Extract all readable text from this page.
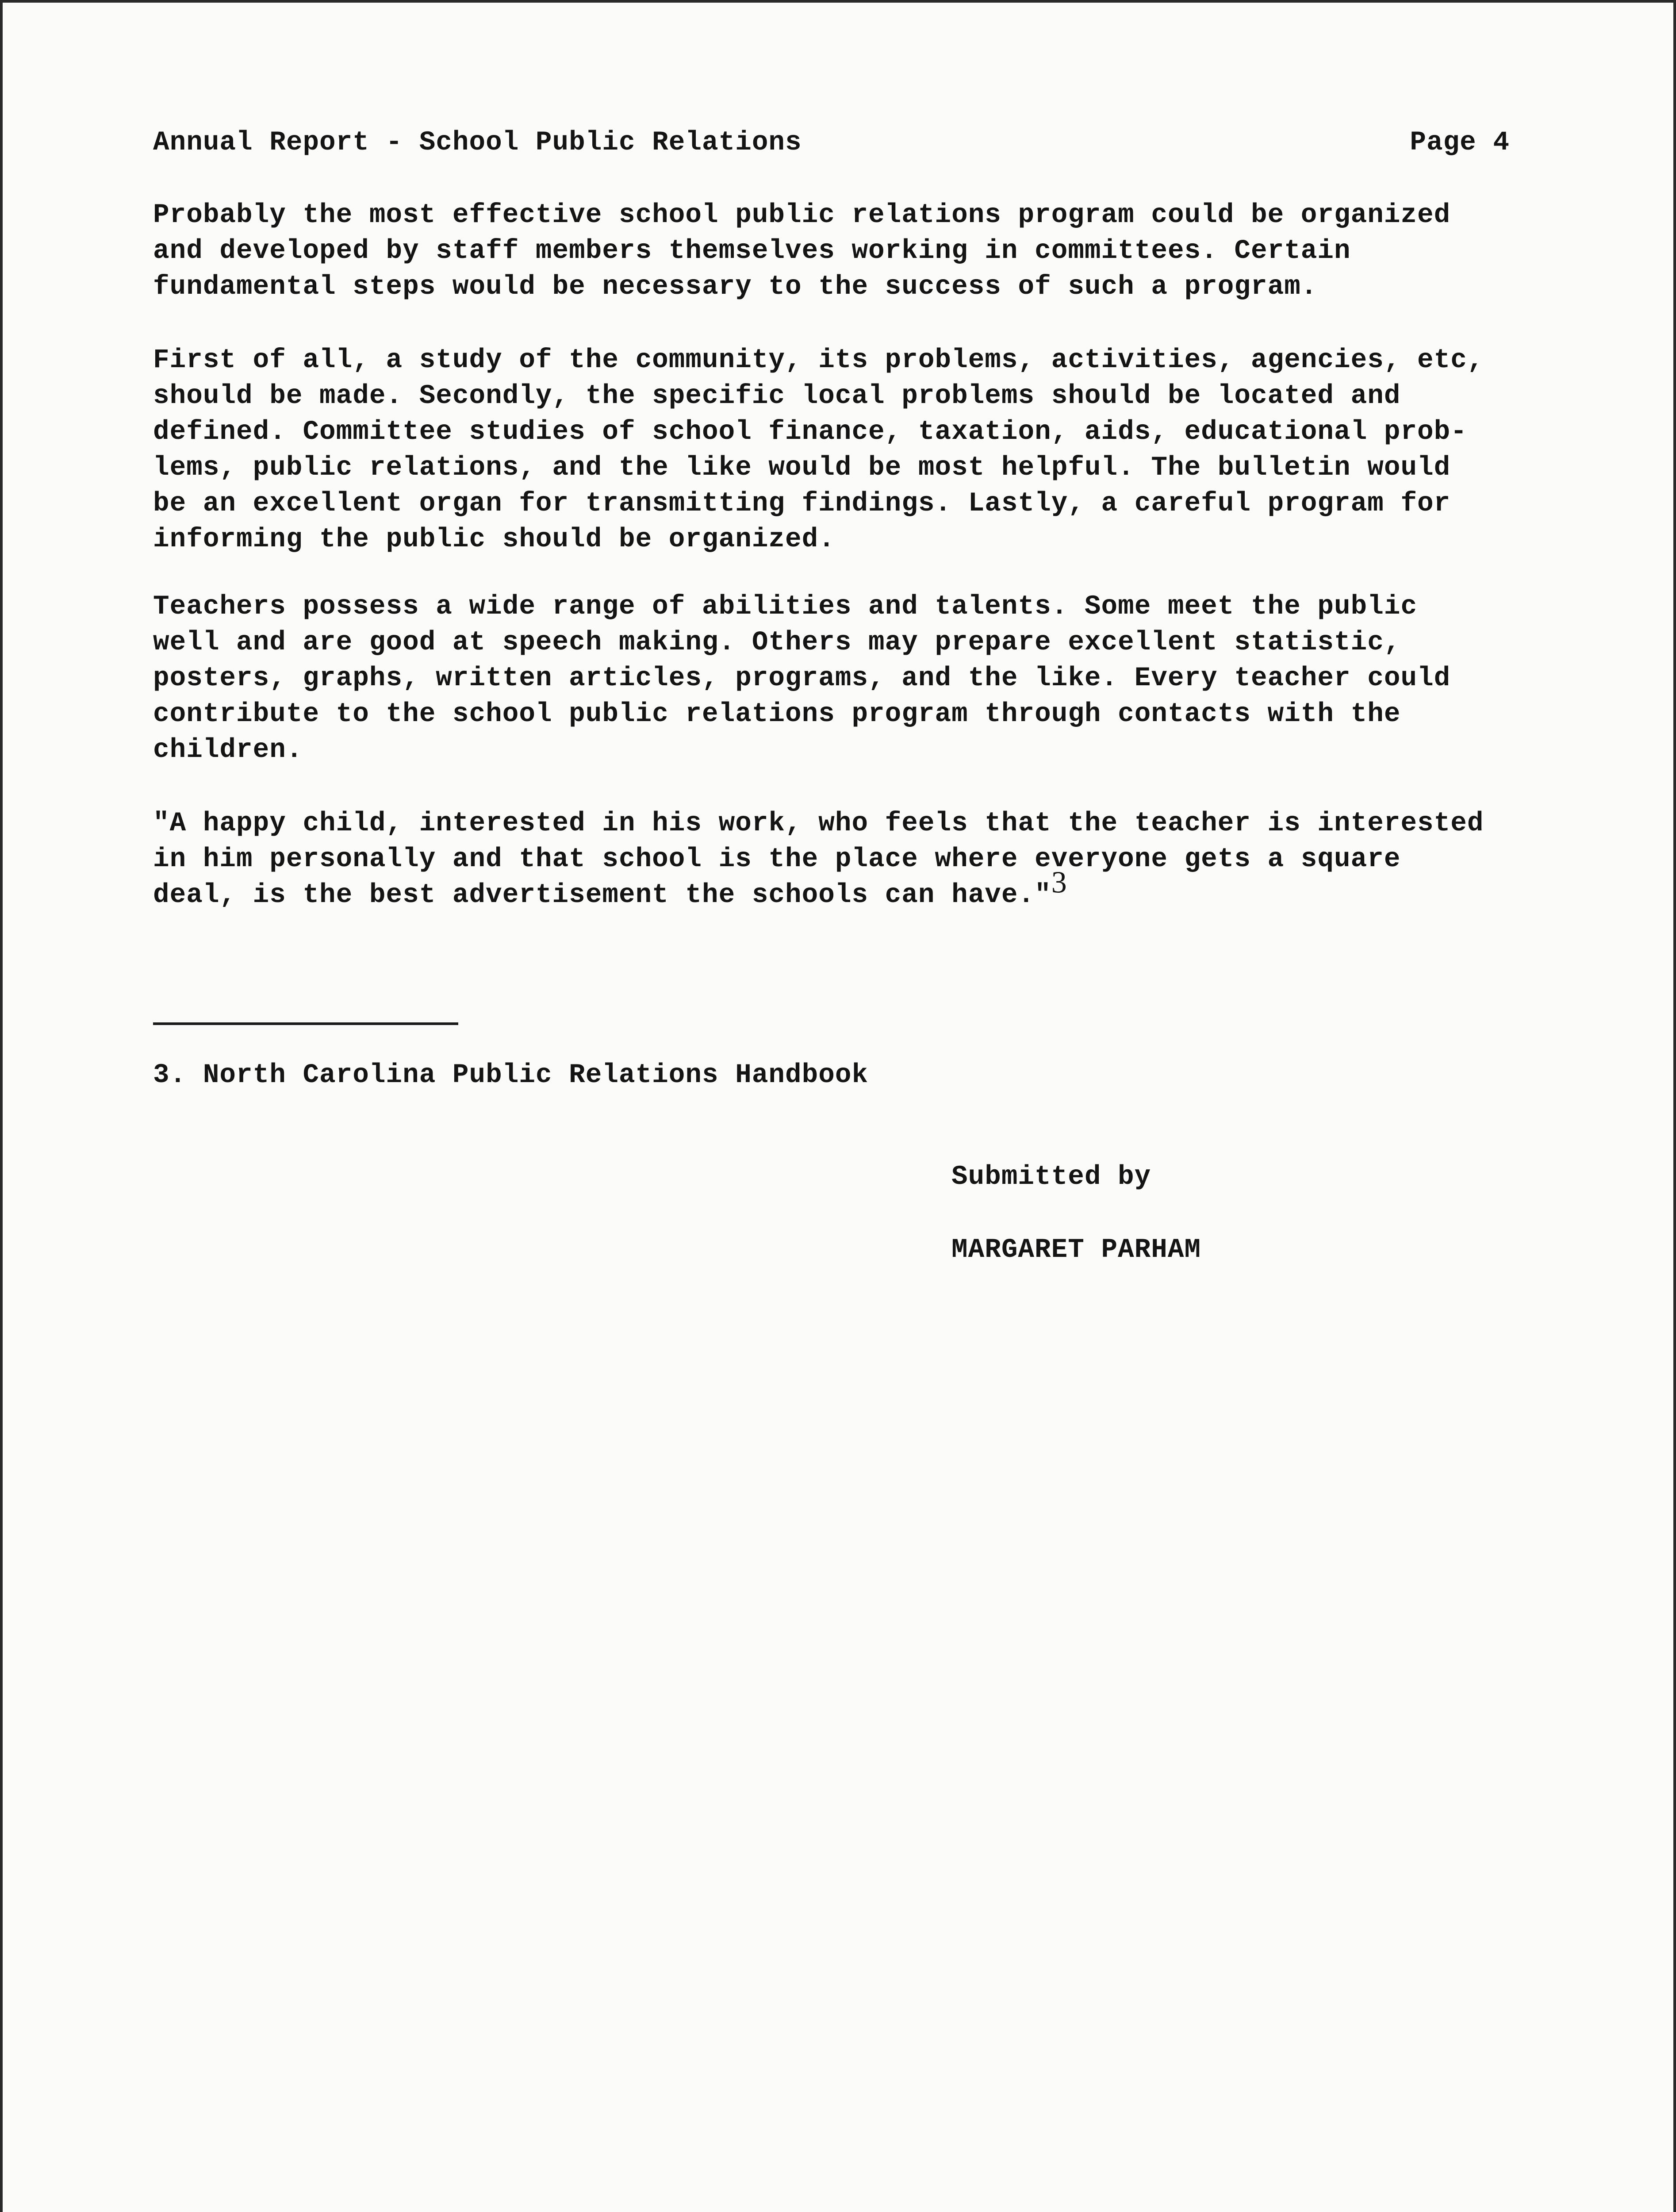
Annual Report - School Public Relations	Page 4

Probably the most effective school public relations program could be organized
and developed by staff members themselves working in committees. Certain
fundamental steps would be necessary to the success of such a program.

First of all, a study of the community, its problems, activities, agencies, etc,
should be made. Secondly, the specific local problems should be located and
defined. Committee studies of school finance, taxation, aids, educational prob-
lems, public relations, and the like would be most helpful. The bulletin would
be an excellent organ for transmitting findings. Lastly, a careful program for
informing the public should be organized.

Teachers possess a wide range of abilities and talents. Some meet the public
well and are good at speech making. Others may prepare excellent statistic,
posters, graphs, written articles, programs, and the like. Every teacher could
contribute to the school public relations program through contacts with the
children.

"A happy child, interested in his work, who feels that the teacher is interested
in him personally and that school is the place where everyone gets a square
deal, is the best advertisement the schools can have."3

3. North Carolina Public Relations Handbook
Submitted by
MARGARET PARHAM
